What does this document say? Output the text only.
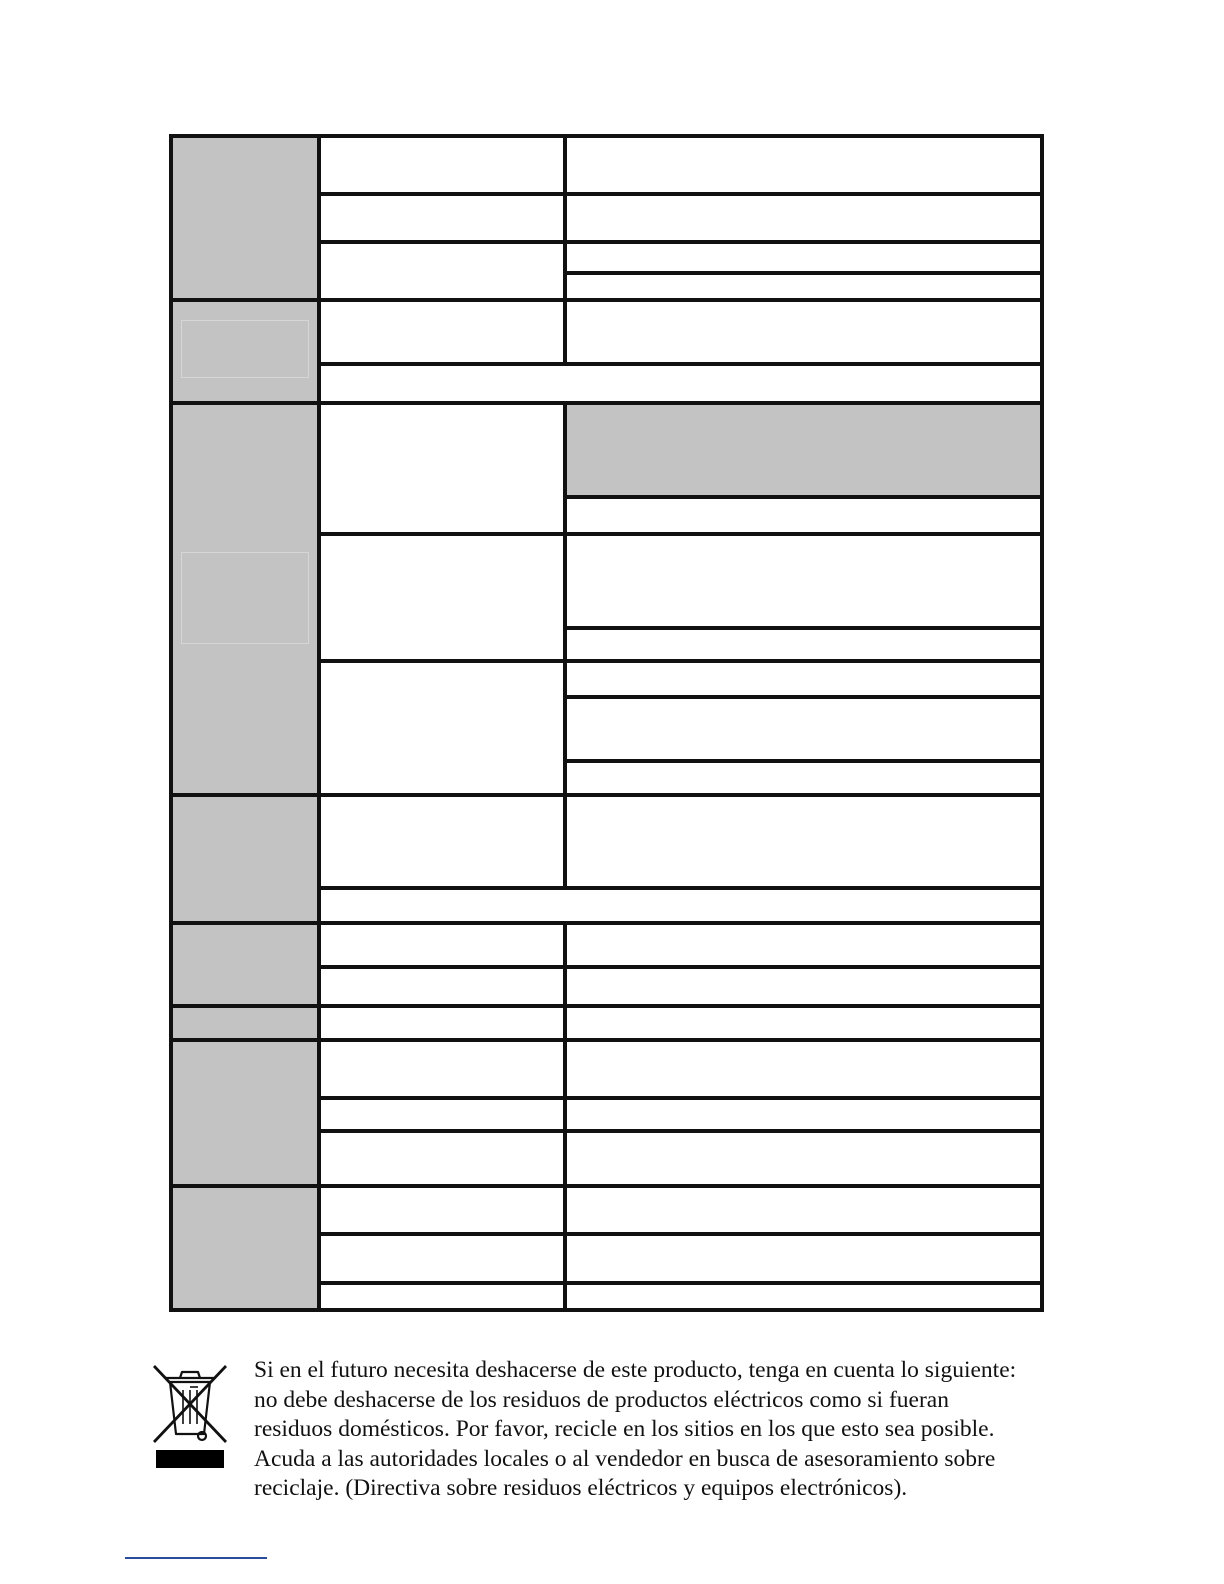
Si en el futuro necesita deshacerse de este producto, tenga en cuenta lo siguiente:
no debe deshacerse de los residuos de productos eléctricos como si fueran
residuos domésticos. Por favor, recicle en los sitios en los que esto sea posible.
Acuda a las autoridades locales o al vendedor en busca de asesoramiento sobre
reciclaje. (Directiva sobre residuos eléctricos y equipos electrónicos).
